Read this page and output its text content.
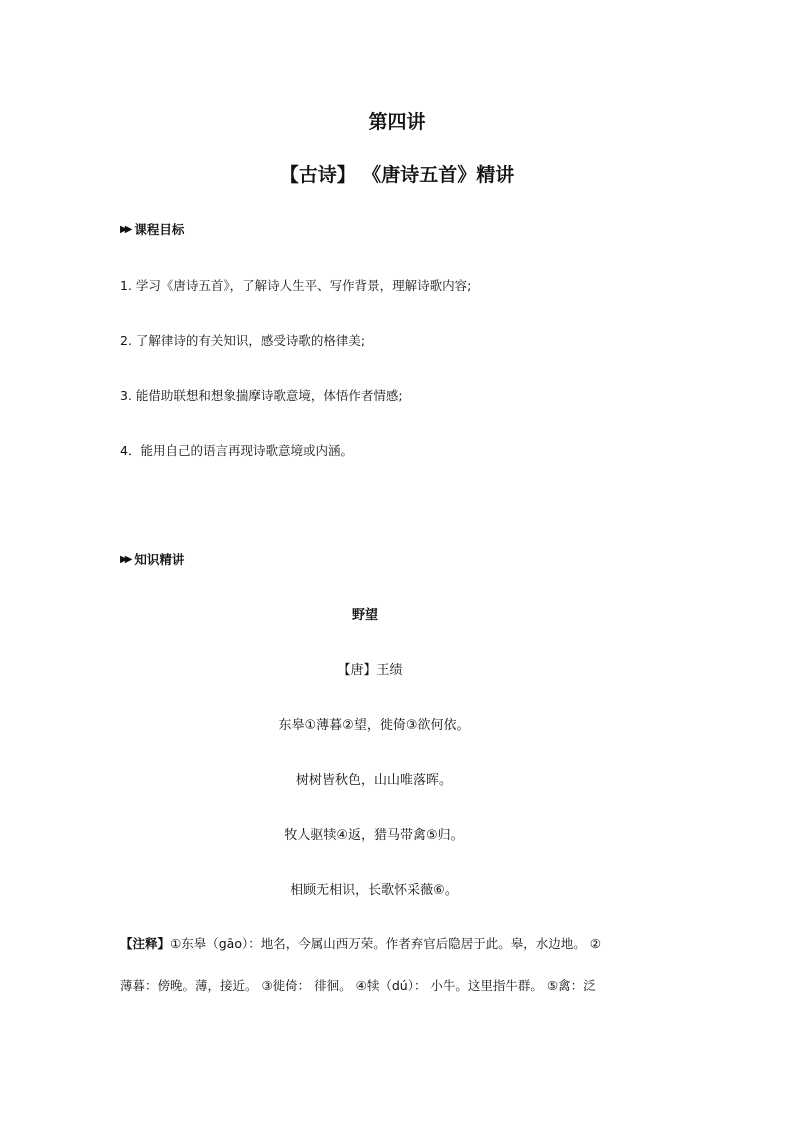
第四讲
【古诗】 《唐诗五首》精讲
▶▶ 课程目标
1. 学习《唐诗五首》，了解诗人生平、写作背景，理解诗歌内容;
2. 了解律诗的有关知识，感受诗歌的格律美;
3. 能借助联想和想象揣摩诗歌意境，体悟作者情感;
4．能用自己的语言再现诗歌意境或内涵。
▶▶ 知识精讲
野望
【唐】王绩
东皋①薄暮②望，徙倚③欲何依。
树树皆秋色，山山唯落晖。
牧人驱犊④返，猎马带禽⑤归。
相顾无相识，长歌怀采薇⑥。
【注释】①东皋（gāo）：地名，今属山西万荣。作者弃官后隐居于此。皋，水边地。 ②
薄暮：傍晚。薄，接近。 ③徙倚： 徘徊。 ④犊（dú）： 小牛。这里指牛群。 ⑤禽：泛
